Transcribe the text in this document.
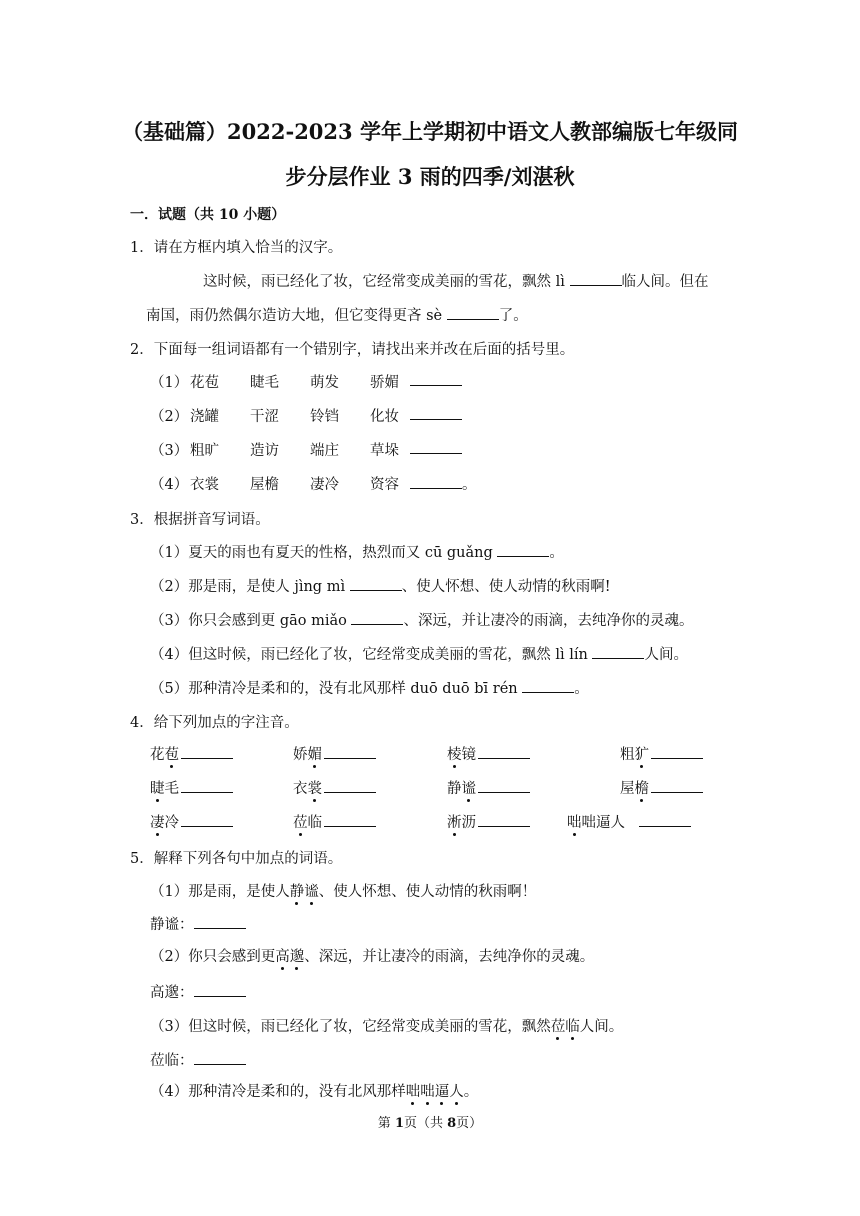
（基础篇）2022-2023 学年上学期初中语文人教部编版七年级同
步分层作业 3 雨的四季/刘湛秋
一．试题（共 10 小题）
1．请在方框内填入恰当的汉字。
这时候，雨已经化了妆，它经常变成美丽的雪花，飘然 lì	临人间。但在
南国，雨仍然偶尔造访大地，但它变得更吝 sè	了。
2．下面每一组词语都有一个错别字，请找出来并改在后面的括号里。
（1） 花苞 睫毛 萌发 骄媚
（2） 浇罐 干涩 铃铛 化妆
（3） 粗旷 造访 端庄 草垛
（4） 衣裳 屋檐 凄冷 资容	。
3．根据拼音写词语。
（1）夏天的雨也有夏天的性格，热烈而又 cū guǎng	。
（2）那是雨，是使人 jìng mì	、使人怀想、使人动情的秋雨啊!
（3）你只会感到更 gāo miǎo	、深远，并让凄冷的雨滴，去纯净你的灵魂。
（4）但这时候，雨已经化了妆，它经常变成美丽的雪花，飘然 lì lín	人间。
（5）那种清冷是柔和的，没有北风那样 duō duō bī rén	。
4．给下列加点的字注音。
花苞	娇媚	棱镜	粗犷
睫毛	衣裳	静谧	屋檐
凄冷	莅临	淅沥	咄咄逼人
5．解释下列各句中加点的词语。
（1）那是雨，是使人静谧、使人怀想、使人动情的秋雨啊！
静谧：
（2）你只会感到更高邈、深远，并让凄冷的雨滴，去纯净你的灵魂。
高邈：
（3）但这时候，雨已经化了妆，它经常变成美丽的雪花，飘然莅临人间。
莅临：
（4）那种清冷是柔和的，没有北风那样咄咄逼人。
第 1页（共 8页）
